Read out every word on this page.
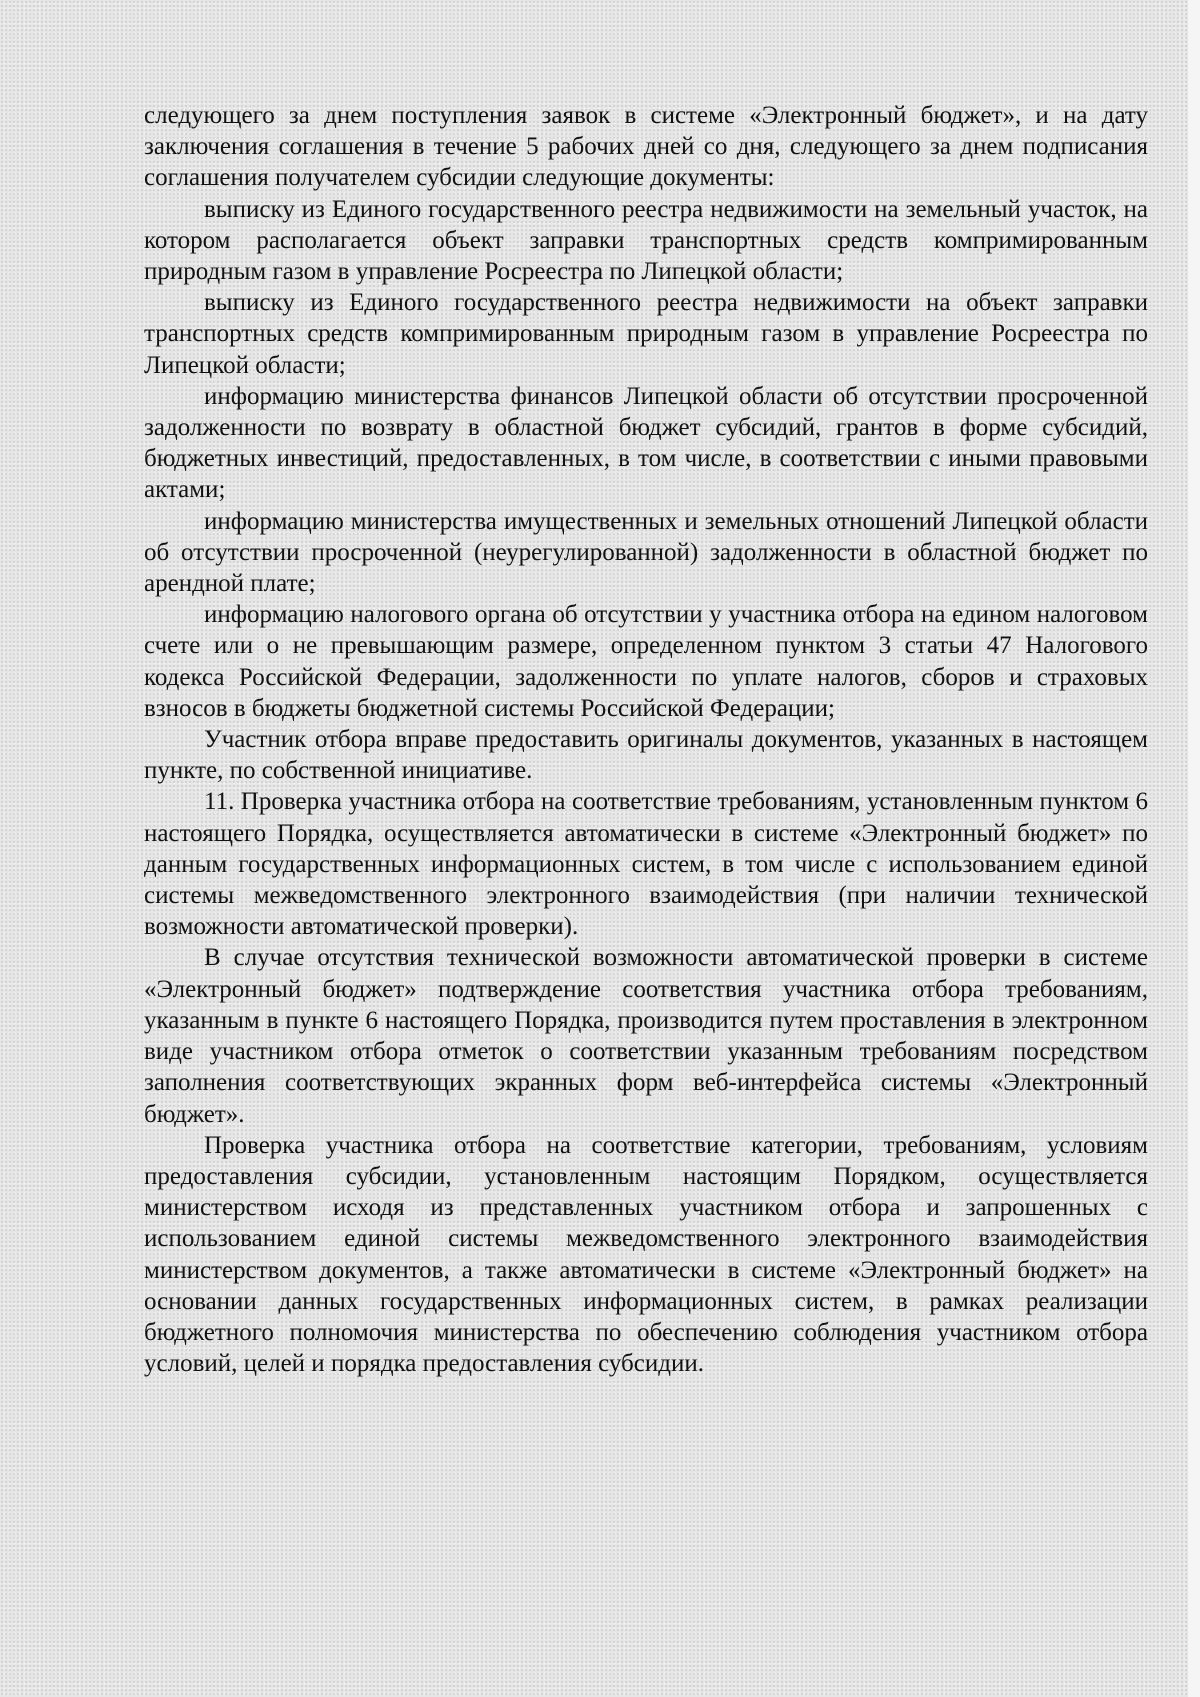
следующего за днем поступления заявок в системе «Электронный бюджет», и на дату заключения соглашения в течение 5 рабочих дней со дня, следующего за днем подписания соглашения получателем субсидии следующие документы:

выписку из Единого государственного реестра недвижимости на земельный участок, на котором располагается объект заправки транспортных средств компримированным природным газом в управление Росреестра по Липецкой области;

выписку из Единого государственного реестра недвижимости на объект заправки транспортных средств компримированным природным газом в управление Росреестра по Липецкой области;

информацию министерства финансов Липецкой области об отсутствии просроченной задолженности по возврату в областной бюджет субсидий, грантов в форме субсидий, бюджетных инвестиций, предоставленных, в том числе, в соответствии с иными правовыми актами;

информацию министерства имущественных и земельных отношений Липецкой области об отсутствии просроченной (неурегулированной) задолженности в областной бюджет по арендной плате;

информацию налогового органа об отсутствии у участника отбора на едином налоговом счете или о не превышающим размере, определенном пунктом 3 статьи 47 Налогового кодекса Российской Федерации, задолженности по уплате налогов, сборов и страховых взносов в бюджеты бюджетной системы Российской Федерации;

Участник отбора вправе предоставить оригиналы документов, указанных в настоящем пункте, по собственной инициативе.

11. Проверка участника отбора на соответствие требованиям, установленным пунктом 6 настоящего Порядка, осуществляется автоматически в системе «Электронный бюджет» по данным государственных информационных систем, в том числе с использованием единой системы межведомственного электронного взаимодействия (при наличии технической возможности автоматической проверки).

В случае отсутствия технической возможности автоматической проверки в системе «Электронный бюджет» подтверждение соответствия участника отбора требованиям, указанным в пункте 6 настоящего Порядка, производится путем проставления в электронном виде участником отбора отметок о соответствии указанным требованиям посредством заполнения соответствующих экранных форм веб-интерфейса системы «Электронный бюджет».

Проверка участника отбора на соответствие категории, требованиям, условиям предоставления субсидии, установленным настоящим Порядком, осуществляется министерством исходя из представленных участником отбора и запрошенных с использованием единой системы межведомственного электронного взаимодействия министерством документов, а также автоматически в системе «Электронный бюджет» на основании данных государственных информационных систем, в рамках реализации бюджетного полномочия министерства по обеспечению соблюдения участником отбора условий, целей и порядка предоставления субсидии.
